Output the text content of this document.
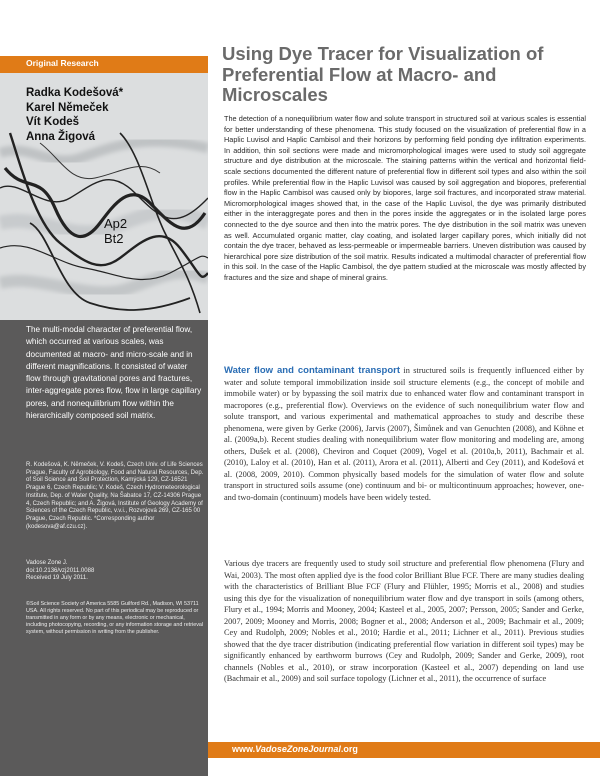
Original Research
Ap2
Bt2
Radka Kodešová*
Karel Němeček
Vít Kodeš
Anna Žigová
The multi-modal character of preferential flow, which occurred at various scales, was documented at macro- and micro-scale and in different magnifications. It consisted of water flow through gravitational pores and fractures, inter-aggregate pores flow, flow in large capillary pores, and nonequilibrium flow within the hierarchically composed soil matrix.
R. Kodešová, K. Němeček, V. Kodeš, Czech Univ. of Life Sciences Prague, Faculty of Agrobiology, Food and Natural Resources, Dep. of Soil Science and Soil Protection, Kamýcká 129, CZ-16521 Prague 6, Czech Republic; V. Kodeš, Czech Hydrometeorological Institute, Dep. of Water Quality, Na Šabatce 17, CZ-14306 Prague 4, Czech Republic; and A. Žigová, Institute of Geology Academy of Sciences of the Czech Republic, v.v.i., Rozvojová 269, CZ-165 00 Prague, Czech Republic. *Corresponding author (kodesova@af.czu.cz).
Vadose Zone J.
doi:10.2136/vzj2011.0088
Received 19 July 2011.
©Soil Science Society of America 5585 Guilford Rd., Madison, WI 53711 USA. All rights reserved. No part of this periodical may be reproduced or transmitted in any form or by any means, electronic or mechanical, including photocopying, recording, or any information storage and retrieval system, without permission in writing from the publisher.
Using Dye Tracer for Visualization of Preferential Flow at Macro- and Microscales
The detection of a nonequilibrium water flow and solute transport in structured soil at various scales is essential for better understanding of these phenomena. This study focused on the visualization of preferential flow in a Haplic Luvisol and Haplic Cambisol and their horizons by performing field ponding dye infiltration experiments. In addition, thin soil sections were made and micromorphological images were used to study soil aggregate structure and dye distribution at the microscale. The staining patterns within the vertical and horizontal field-scale sections documented the different nature of preferential flow in different soil types and also within the soil profiles. While preferential flow in the Haplic Luvisol was caused by soil aggregation and biopores, preferential flow in the Haplic Cambisol was caused only by biopores, large soil fractures, and incorporated straw material. Micromorphological images showed that, in the case of the Haplic Luvisol, the dye was primarily distributed either in the interaggregate pores and then in the pores inside the aggregates or in the isolated large pores connected to the dye source and then into the matrix pores. The dye distribution in the soil matrix was uneven as well. Accumulated organic matter, clay coating, and isolated larger capillary pores, which initially did not contain the dye tracer, behaved as less-permeable or impermeable barriers. Uneven distribution was caused by hierarchical pore size distribution of the soil matrix. Results indicated a multimodal character of preferential flow in this soil. In the case of the Haplic Cambisol, the dye pattern studied at the microscale was mostly affected by fractures and the size and shape of mineral grains.
Water flow and contaminant transport in structured soils is frequently influenced either by water and solute temporal immobilization inside soil structure elements (e.g., the concept of mobile and immobile water) or by bypassing the soil matrix due to enhanced water flow and contaminant transport in macropores (e.g., preferential flow). Overviews on the evidence of such nonequilibrium water flow and solute transport, and various experimental and mathematical approaches to study and describe these phenomena, were given by Gerke (2006), Jarvis (2007), Šimůnek and van Genuchten (2008), and Köhne et al. (2009a,b). Recent studies dealing with nonequilibrium water flow monitoring and modeling are, among others, Dušek et al. (2008), Cheviron and Coquet (2009), Vogel et al. (2010a,b, 2011), Bachmair et al. (2010), Laloy et al. (2010), Han et al. (2011), Arora et al. (2011), Alberti and Cey (2011), and Kodešová et al. (2008, 2009, 2010). Common physically based models for the simulation of water flow and solute transport in structured soils assume (one) continuum and bi- or multicontinuum approaches; however, one- and two-domain (continuum) models have been widely tested.
Various dye tracers are frequently used to study soil structure and preferential flow phenomena (Flury and Wai, 2003). The most often applied dye is the food color Brilliant Blue FCF. There are many studies dealing with the characteristics of Brilliant Blue FCF (Flury and Flühler, 1995; Morris et al., 2008) and studies using this dye for the visualization of nonequilibrium water flow and dye transport in soils (among others, Flury et al., 1994; Morris and Mooney, 2004; Kasteel et al., 2005, 2007; Persson, 2005; Sander and Gerke, 2007, 2009; Mooney and Morris, 2008; Bogner et al., 2008; Anderson et al., 2009; Bachmair et al., 2009; Cey and Rudolph, 2009; Nobles et al., 2010; Hardie et al., 2011; Lichner et al., 2011). Previous studies showed that the dye tracer distribution (indicating preferential flow variation in different soil types) may be significantly enhanced by earthworm burrows (Cey and Rudolph, 2009; Sander and Gerke, 2009), root channels (Nobles et al., 2010), or straw incorporation (Kasteel et al., 2007) depending on land use (Bachmair et al., 2009) and soil surface topology (Lichner et al., 2011), the occurrence of surface
www.VadoseZoneJournal.org
